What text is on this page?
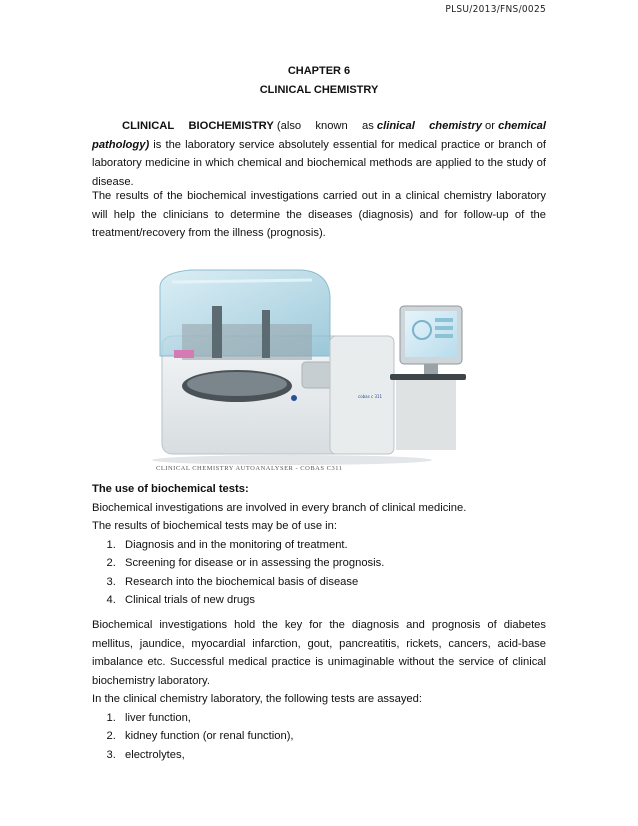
PLSU/2013/FNS/0025
CHAPTER 6
CLINICAL CHEMISTRY
CLINICAL BIOCHEMISTRY (also known as clinical chemistry or chemical
pathology) is the laboratory service absolutely essential for medical practice or branch of laboratory medicine in which chemical and biochemical methods are applied to the study of disease.
The results of the biochemical investigations carried out in a clinical chemistry laboratory will help the clinicians to determine the diseases (diagnosis) and for follow-up of the treatment/recovery from the illness (prognosis).
cobas c 311
CLINICAL CHEMISTRY AUTOANALYSER - COBAS C311
The use of biochemical tests:

Biochemical investigations are involved in every branch of clinical medicine.

The results of biochemical tests may be of use in:

1. Diagnosis and in the monitoring of treatment.
2. Screening for disease or in assessing the prognosis.
3. Research into the biochemical basis of disease
4. Clinical trials of new drugs

Biochemical investigations hold the key for the diagnosis and prognosis of diabetes mellitus, jaundice, myocardial infarction, gout, pancreatitis, rickets, cancers, acid-base imbalance etc. Successful medical practice is unimaginable without the service of clinical biochemistry laboratory.

In the clinical chemistry laboratory, the following tests are assayed:

1. liver function,
2. kidney function (or renal function),
3. electrolytes,
